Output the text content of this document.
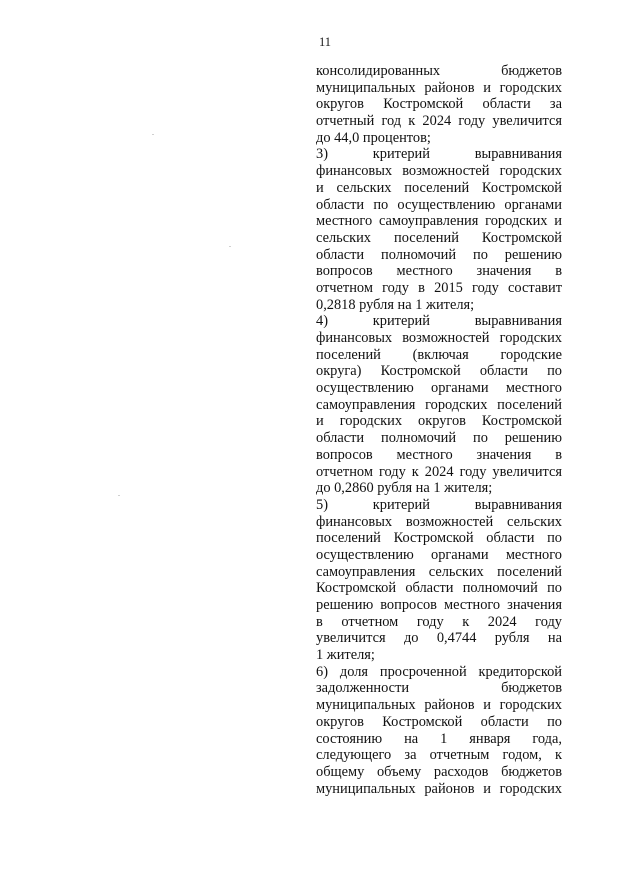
11
консолидированных бюджетов
муниципальных районов и городских
округов Костромской области за
отчетный год к 2024 году увеличится
до 44,0 процентов;
3) критерий выравнивания
финансовых возможностей городских
и сельских поселений Костромской
области по осуществлению органами
местного самоуправления городских и
сельских поселений Костромской
области полномочий по решению
вопросов местного значения в
отчетном году в 2015 году составит
0,2818 рубля на 1 жителя;
4) критерий выравнивания
финансовых возможностей городских
поселений (включая городские
округа) Костромской области по
осуществлению органами местного
самоуправления городских поселений
и городских округов Костромской
области полномочий по решению
вопросов местного значения в
отчетном году к 2024 году увеличится
до 0,2860 рубля на 1 жителя;
5) критерий выравнивания
финансовых возможностей сельских
поселений Костромской области по
осуществлению органами местного
самоуправления сельских поселений
Костромской области полномочий по
решению вопросов местного значения
в отчетном году к 2024 году
увеличится до 0,4744 рубля на
1 жителя;
6) доля просроченной кредиторской
задолженности бюджетов
муниципальных районов и городских
округов Костромской области по
состоянию на 1 января года,
следующего за отчетным годом, к
общему объему расходов бюджетов
муниципальных районов и городских
